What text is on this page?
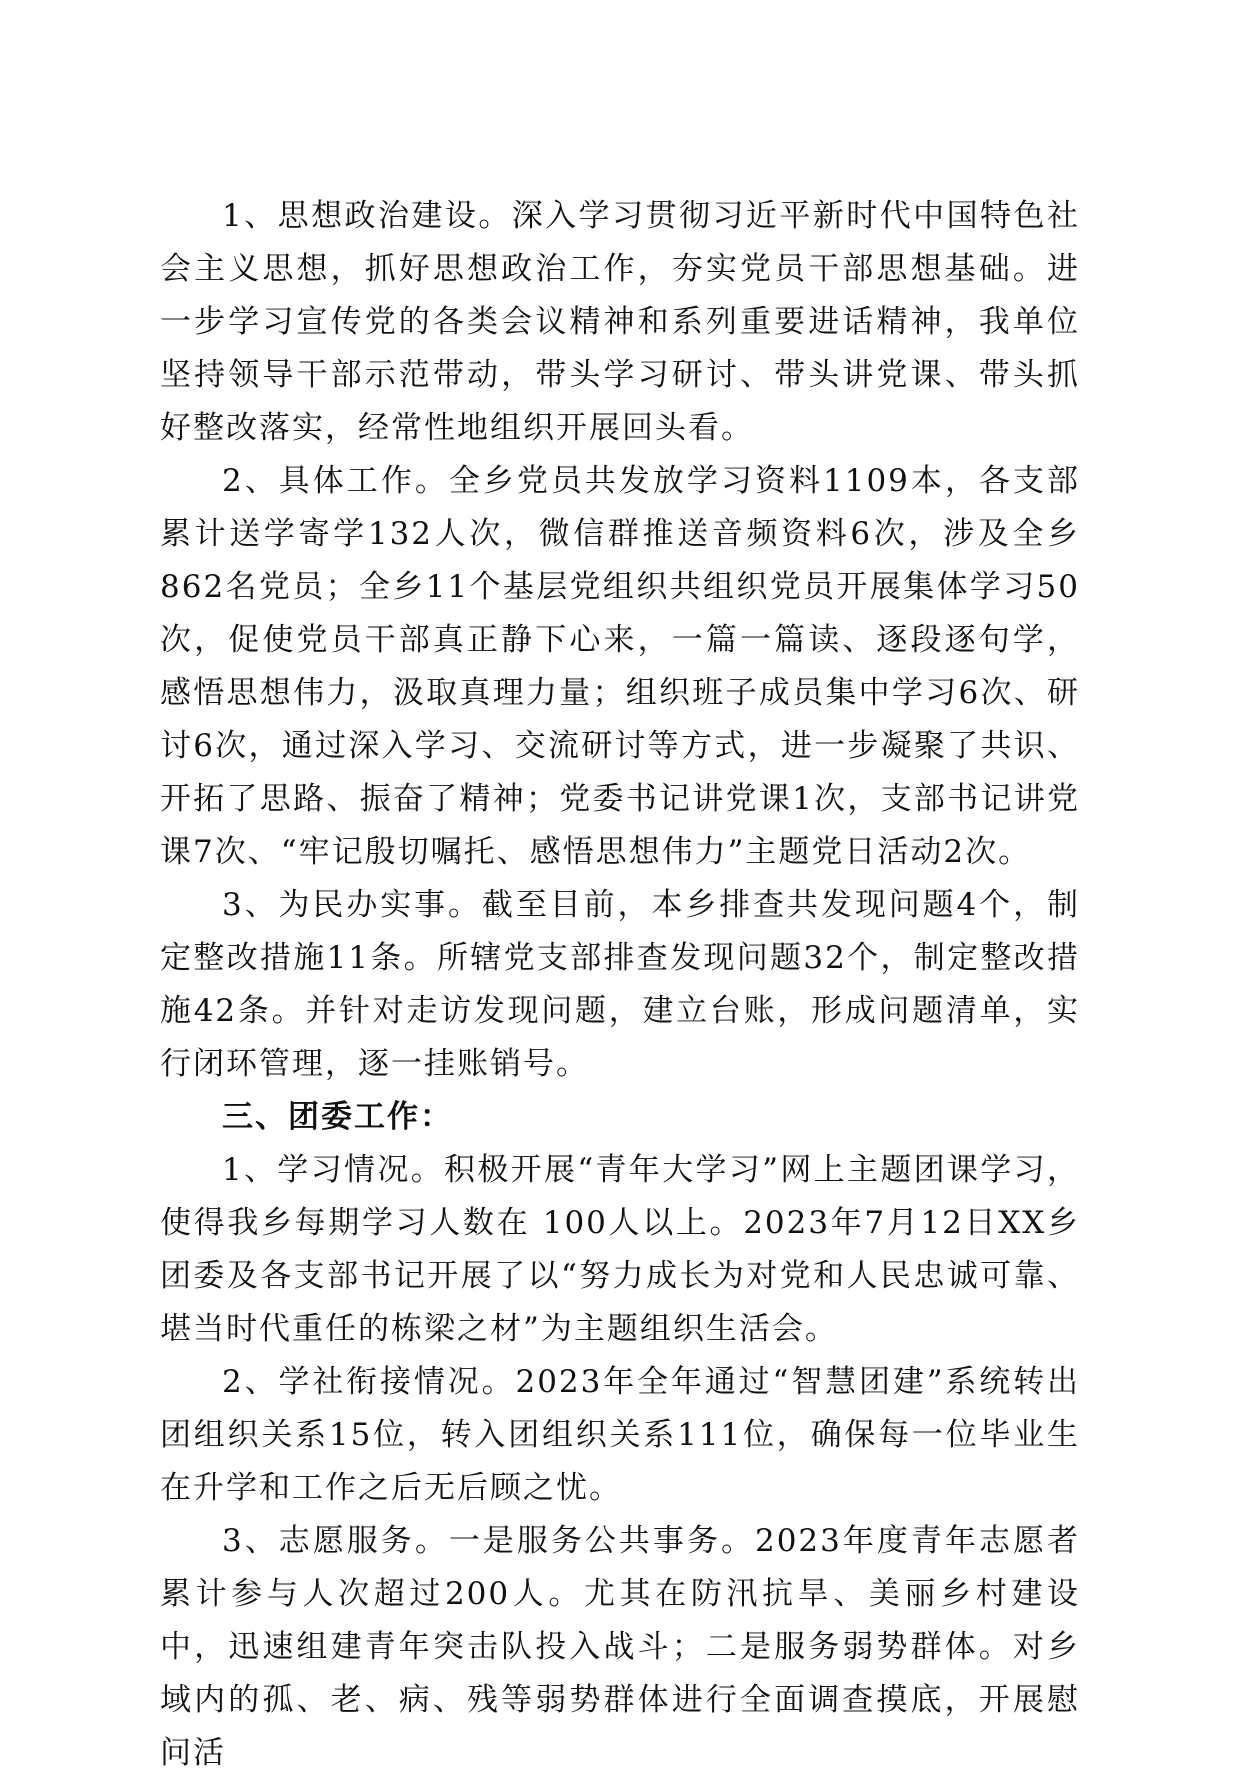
1、思想政治建设。深入学习贯彻习近平新时代中国特色社会主义思想，抓好思想政治工作，夯实党员干部思想基础。进一步学习宣传党的各类会议精神和系列重要进话精神，我单位坚持领导干部示范带动，带头学习研讨、带头讲党课、带头抓好整改落实，经常性地组织开展回头看。

2、具体工作。全乡党员共发放学习资料1109本，各支部累计送学寄学132人次，微信群推送音频资料6次，涉及全乡862名党员；全乡11个基层党组织共组织党员开展集体学习50次，促使党员干部真正静下心来，一篇一篇读、逐段逐句学，感悟思想伟力，汲取真理力量；组织班子成员集中学习6次、研讨6次，通过深入学习、交流研讨等方式，进一步凝聚了共识、开拓了思路、振奋了精神；党委书记讲党课1次，支部书记讲党课7次、“牢记殷切嘱托、感悟思想伟力”主题党日活动2次。

3、为民办实事。截至目前，本乡排查共发现问题4个，制定整改措施11条。所辖党支部排查发现问题32个，制定整改措施42条。并针对走访发现问题，建立台账，形成问题清单，实行闭环管理，逐一挂账销号。

三、团委工作：

1、学习情况。积极开展“青年大学习”网上主题团课学习，使得我乡每期学习人数在 100人以上。2023年7月12日XX乡团委及各支部书记开展了以“努力成长为对党和人民忠诚可靠、堪当时代重任的栋梁之材”为主题组织生活会。

2、学社衔接情况。2023年全年通过“智慧团建”系统转出团组织关系15位，转入团组织关系111位，确保每一位毕业生在升学和工作之后无后顾之忧。

3、志愿服务。一是服务公共事务。2023年度青年志愿者累计参与人次超过200人。尤其在防汛抗旱、美丽乡村建设中，迅速组建青年突击队投入战斗；二是服务弱势群体。对乡域内的孤、老、病、残等弱势群体进行全面调查摸底，开展慰问活
